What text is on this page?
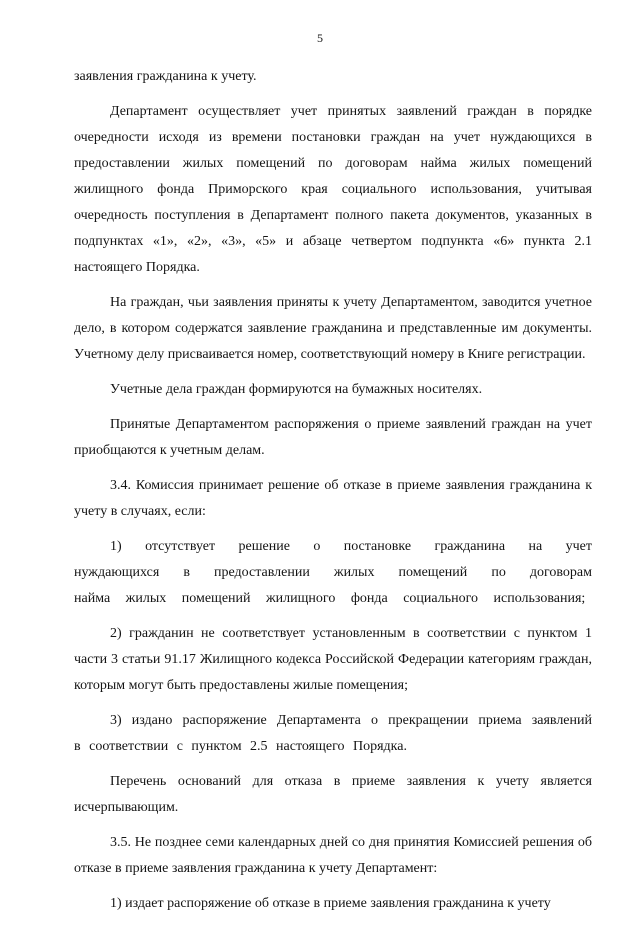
5

заявления гражданина к учету.

Департамент осуществляет учет принятых заявлений граждан в порядке очередности исходя из времени постановки граждан на учет нуждающихся в предоставлении жилых помещений по договорам найма жилых помещений жилищного фонда Приморского края социального использования, учитывая очередность поступления в Департамент полного пакета документов, указанных в подпунктах «1», «2», «3», «5» и абзаце четвертом подпункта «6» пункта 2.1 настоящего Порядка.

На граждан, чьи заявления приняты к учету Департаментом, заводится учетное дело, в котором содержатся заявление гражданина и представленные им документы. Учетному делу присваивается номер, соответствующий номеру в Книге регистрации.

Учетные дела граждан формируются на бумажных носителях.

Принятые Департаментом распоряжения о приеме заявлений граждан на учет приобщаются к учетным делам.

3.4. Комиссия принимает решение об отказе в приеме заявления гражданина к учету в случаях, если:

1) отсутствует решение о постановке гражданина на учет нуждающихся в предоставлении жилых помещений по договорам найма жилых помещений жилищного фонда социального использования;

2) гражданин не соответствует установленным в соответствии с пунктом 1 части 3 статьи 91.17 Жилищного кодекса Российской Федерации категориям граждан, которым могут быть предоставлены жилые помещения;

3) издано распоряжение Департамента о прекращении приема заявлений в соответствии с пунктом 2.5 настоящего Порядка.

Перечень оснований для отказа в приеме заявления к учету является исчерпывающим.

3.5. Не позднее семи календарных дней со дня принятия Комиссией решения об отказе в приеме заявления гражданина к учету Департамент:

1) издает распоряжение об отказе в приеме заявления гражданина к учету
